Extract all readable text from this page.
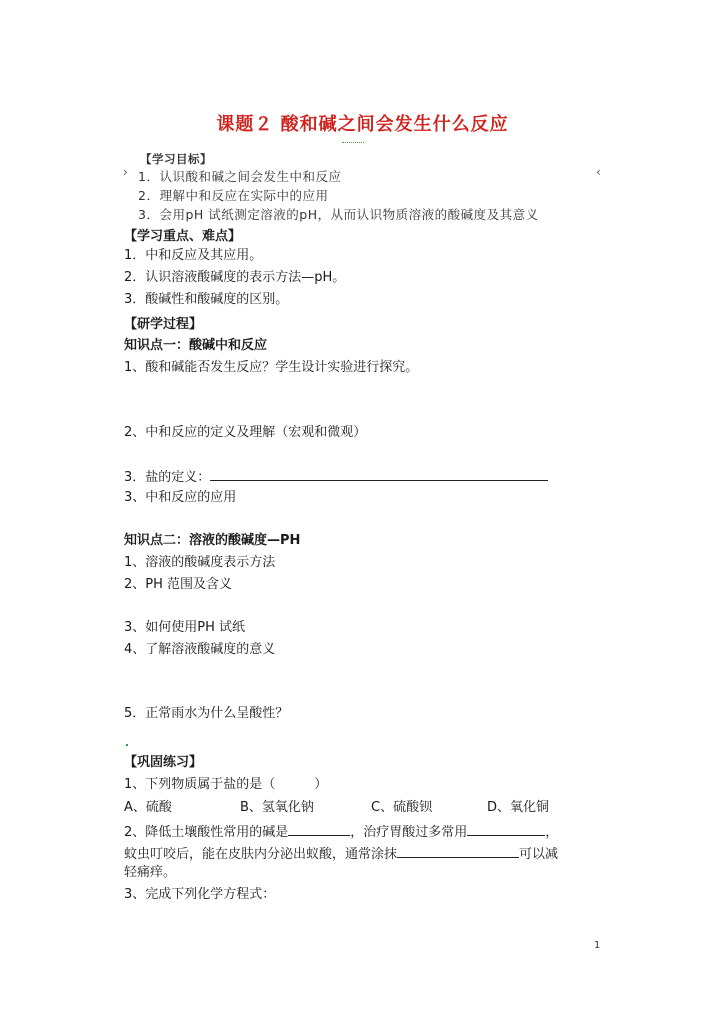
课题２ 酸和碱之间会发生什么反应
【学习目标】
›	‹
1．认识酸和碱之间会发生中和反应
2．理解中和反应在实际中的应用
3．会用pH 试纸测定溶液的pH，从而认识物质溶液的酸碱度及其意义
【学习重点、难点】
1．中和反应及其应用。
2．认识溶液酸碱度的表示方法—pH。
3．酸碱性和酸碱度的区别。
【研学过程】
知识点一：酸碱中和反应
1、酸和碱能否发生反应？学生设计实验进行探究。
2、中和反应的定义及理解（宏观和微观）
3．盐的定义：
3、中和反应的应用
知识点二：溶液的酸碱度—PH
1、溶液的酸碱度表示方法
2、PH 范围及含义
3、如何使用PH 试纸
4、了解溶液酸碱度的意义
5．正常雨水为什么呈酸性？
【巩固练习】
1、下列物质属于盐的是（　　　）
A、硫酸	B、氢氧化钠	C、硫酸钡	D、氧化铜
2、降低土壤酸性常用的碱是	，治疗胃酸过多常用	，
蚊虫叮咬后，能在皮肤内分泌出蚁酸，通常涂抹	可以减
轻痛痒。
3、完成下列化学方程式：
1
